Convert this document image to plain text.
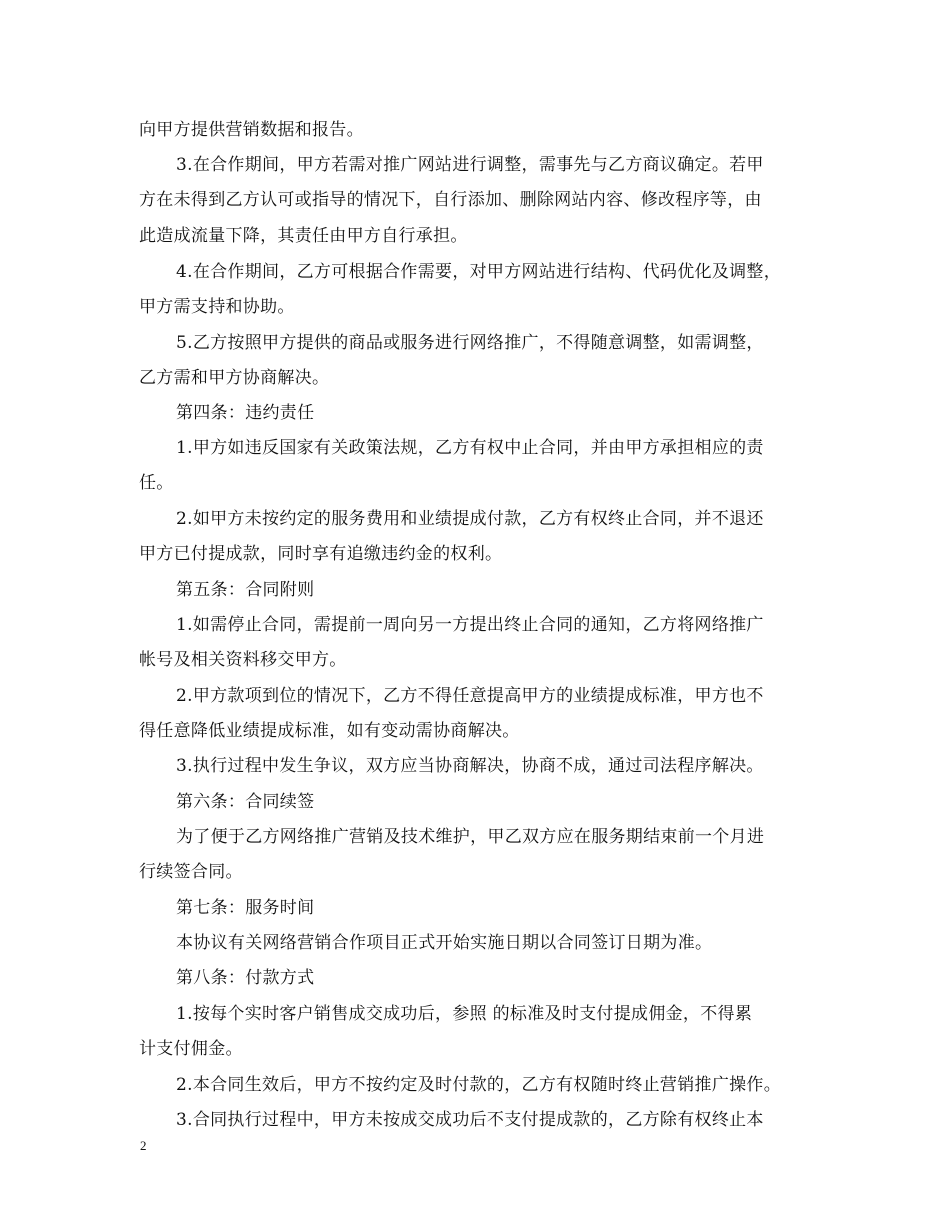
向甲方提供营销数据和报告。
3.在合作期间，甲方若需对推广网站进行调整，需事先与乙方商议确定。若甲
方在未得到乙方认可或指导的情况下，自行添加、删除网站内容、修改程序等，由
此造成流量下降，其责任由甲方自行承担。
4.在合作期间，乙方可根据合作需要，对甲方网站进行结构、代码优化及调整，
甲方需支持和协助。
5.乙方按照甲方提供的商品或服务进行网络推广，不得随意调整，如需调整，
乙方需和甲方协商解决。
第四条：违约责任
1.甲方如违反国家有关政策法规，乙方有权中止合同，并由甲方承担相应的责
任。
2.如甲方未按约定的服务费用和业绩提成付款，乙方有权终止合同，并不退还
甲方已付提成款，同时享有追缴违约金的权利。
第五条：合同附则
1.如需停止合同，需提前一周向另一方提出终止合同的通知，乙方将网络推广
帐号及相关资料移交甲方。
2.甲方款项到位的情况下，乙方不得任意提高甲方的业绩提成标准，甲方也不
得任意降低业绩提成标准，如有变动需协商解决。
3.执行过程中发生争议，双方应当协商解决，协商不成，通过司法程序解决。
第六条：合同续签
为了便于乙方网络推广营销及技术维护，甲乙双方应在服务期结束前一个月进
行续签合同。
第七条：服务时间
本协议有关网络营销合作项目正式开始实施日期以合同签订日期为准。
第八条：付款方式
1.按每个实时客户销售成交成功后，参照 的标准及时支付提成佣金，不得累
计支付佣金。
2.本合同生效后，甲方不按约定及时付款的，乙方有权随时终止营销推广操作。
3.合同执行过程中，甲方未按成交成功后不支付提成款的，乙方除有权终止本
2
